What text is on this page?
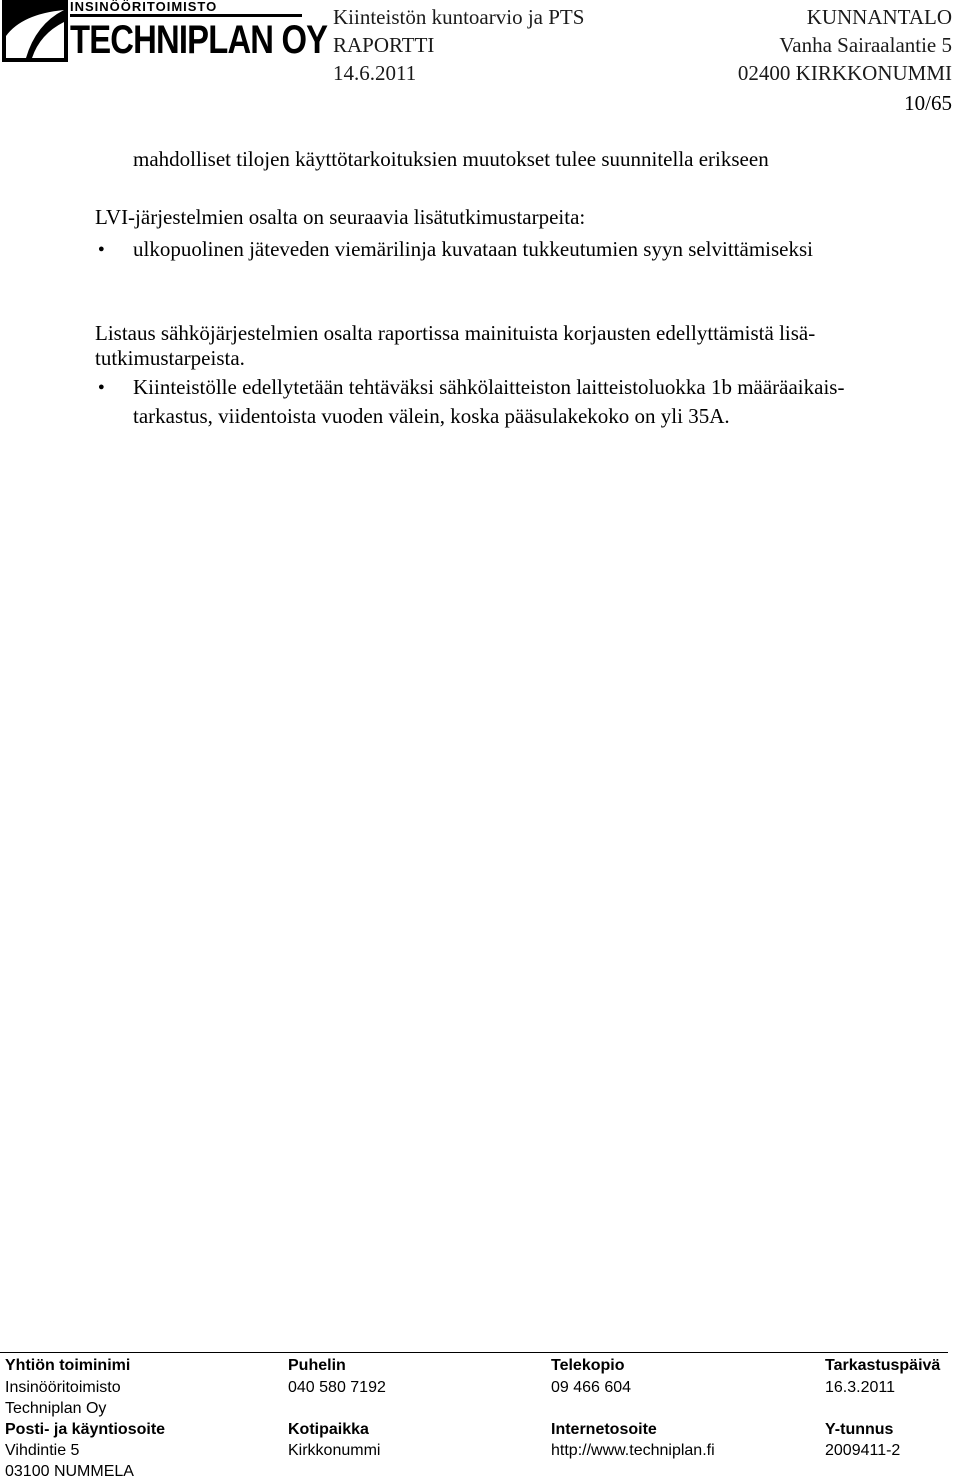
INSINÖÖRITOIMISTO
TECHNIPLAN OY
Kiinteistön kuntoarvio ja PTS
RAPORTTI
14.6.2011
KUNNANTALO
Vanha Sairaalantie 5
02400 KIRKKONUMMI
10/65
mahdolliset tilojen käyttötarkoituksien muutokset tulee suunnitella erikseen
LVI-järjestelmien osalta on seuraavia lisätutkimustarpeita:
●ulkopuolinen jäteveden viemärilinja kuvataan tukkeutumien syyn selvittämiseksi
Listaus sähköjärjestelmien osalta raportissa mainituista korjausten edellyttämistä lisä-
tutkimustarpeista.
●Kiinteistölle edellytetään tehtäväksi sähkölaitteiston laitteistoluokka 1b määräaikais-
tarkastus, viidentoista vuoden välein, koska pääsulakekoko on yli 35A.
Yhtiön toiminimi	Puhelin	Telekopio	Tarkastuspäivä
Insinööritoimisto	040 580 7192	09 466 604	16.3.2011
Techniplan Oy
Posti- ja käyntiosoite	Kotipaikka	Internetosoite	Y-tunnus
Vihdintie 5	Kirkkonummi	http://www.techniplan.fi	2009411-2
03100 NUMMELA
